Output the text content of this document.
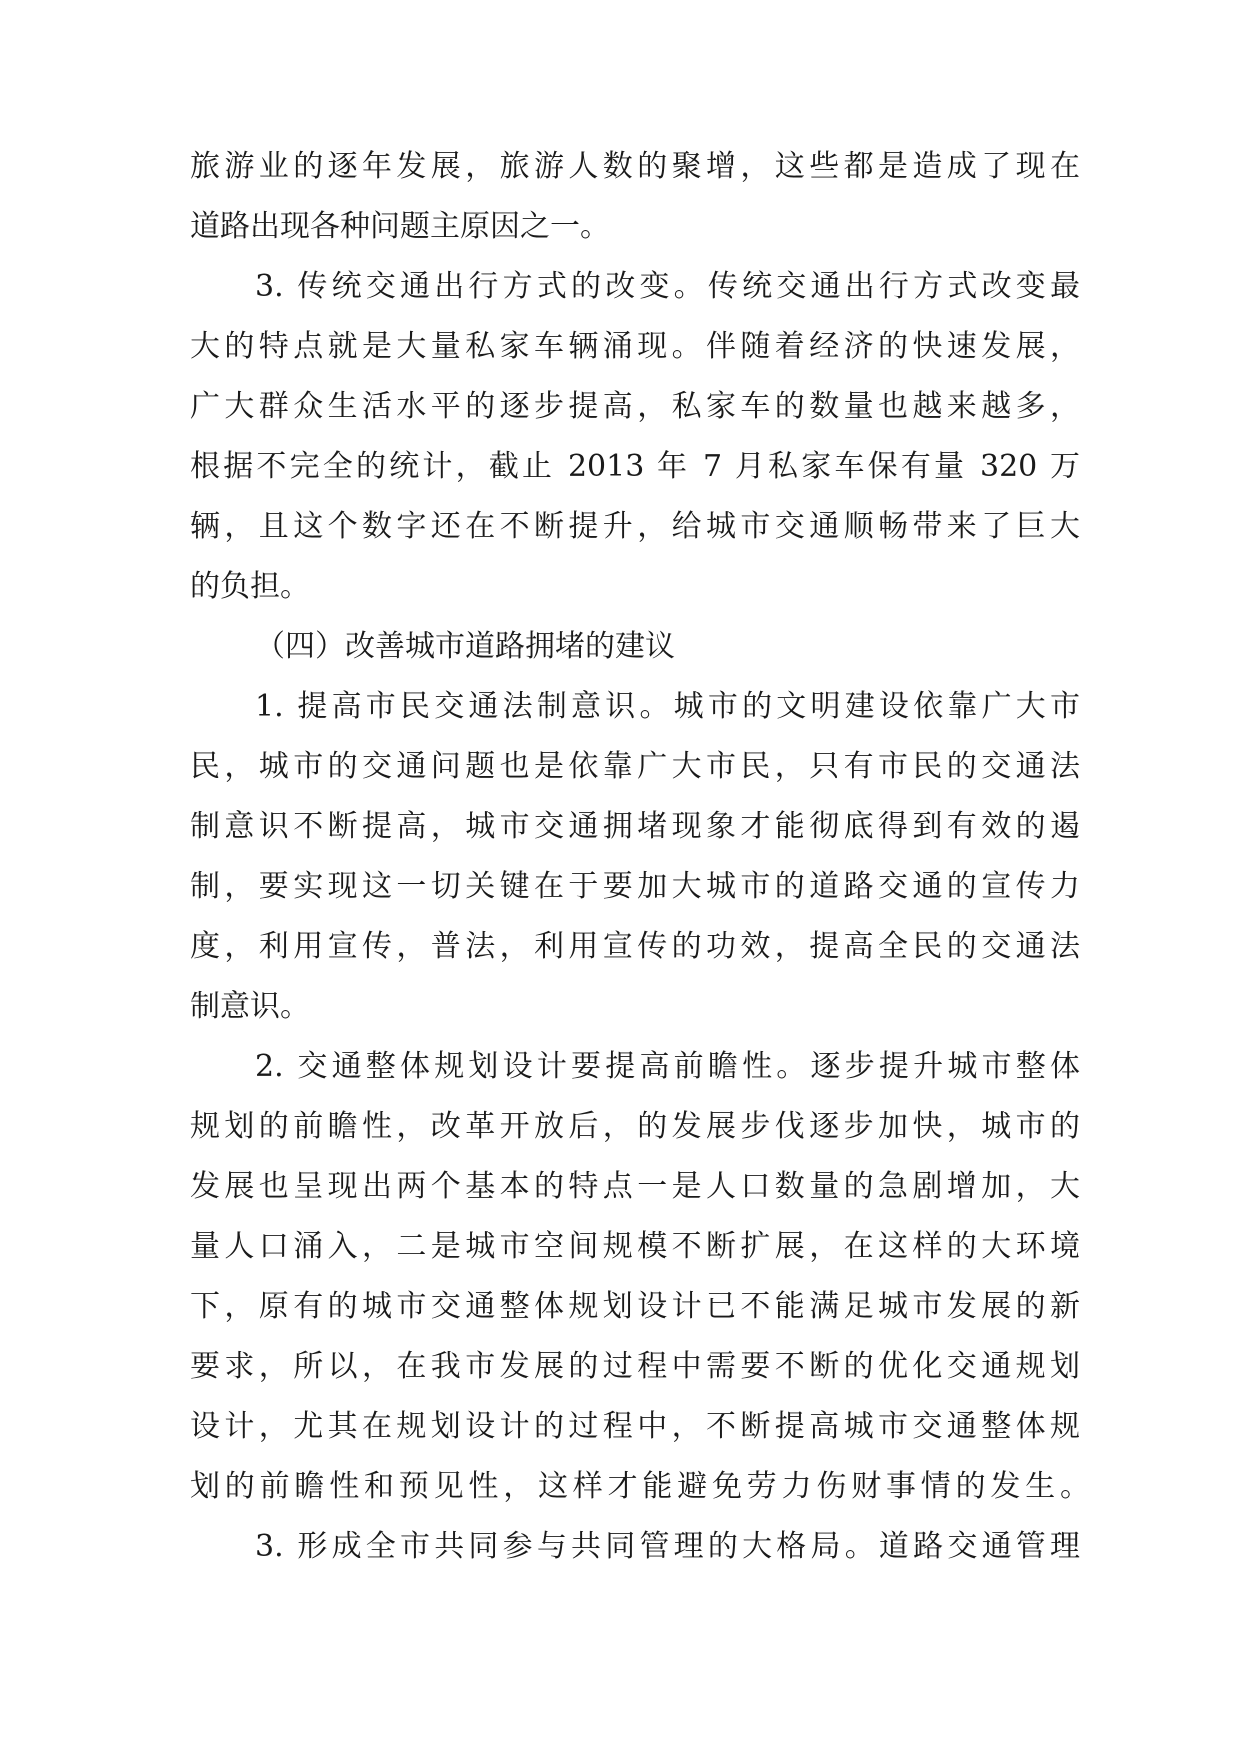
旅游业的逐年发展，旅游人数的聚增，这些都是造成了现在
道路出现各种问题主原因之一。
3. 传统交通出行方式的改变。传统交通出行方式改变最
大的特点就是大量私家车辆涌现。伴随着经济的快速发展，
广大群众生活水平的逐步提高，私家车的数量也越来越多，
根据不完全的统计，截止 2013 年 7 月私家车保有量 320 万
辆，且这个数字还在不断提升，给城市交通顺畅带来了巨大
的负担。
（四）改善城市道路拥堵的建议
1. 提高市民交通法制意识。城市的文明建设依靠广大市
民，城市的交通问题也是依靠广大市民，只有市民的交通法
制意识不断提高，城市交通拥堵现象才能彻底得到有效的遏
制，要实现这一切关键在于要加大城市的道路交通的宣传力
度，利用宣传，普法，利用宣传的功效，提高全民的交通法
制意识。
2. 交通整体规划设计要提高前瞻性。逐步提升城市整体
规划的前瞻性，改革开放后，的发展步伐逐步加快，城市的
发展也呈现出两个基本的特点一是人口数量的急剧增加，大
量人口涌入，二是城市空间规模不断扩展，在这样的大环境
下，原有的城市交通整体规划设计已不能满足城市发展的新
要求，所以，在我市发展的过程中需要不断的优化交通规划
设计，尤其在规划设计的过程中，不断提高城市交通整体规
划的前瞻性和预见性，这样才能避免劳力伤财事情的发生。
3. 形成全市共同参与共同管理的大格局。道路交通管理
